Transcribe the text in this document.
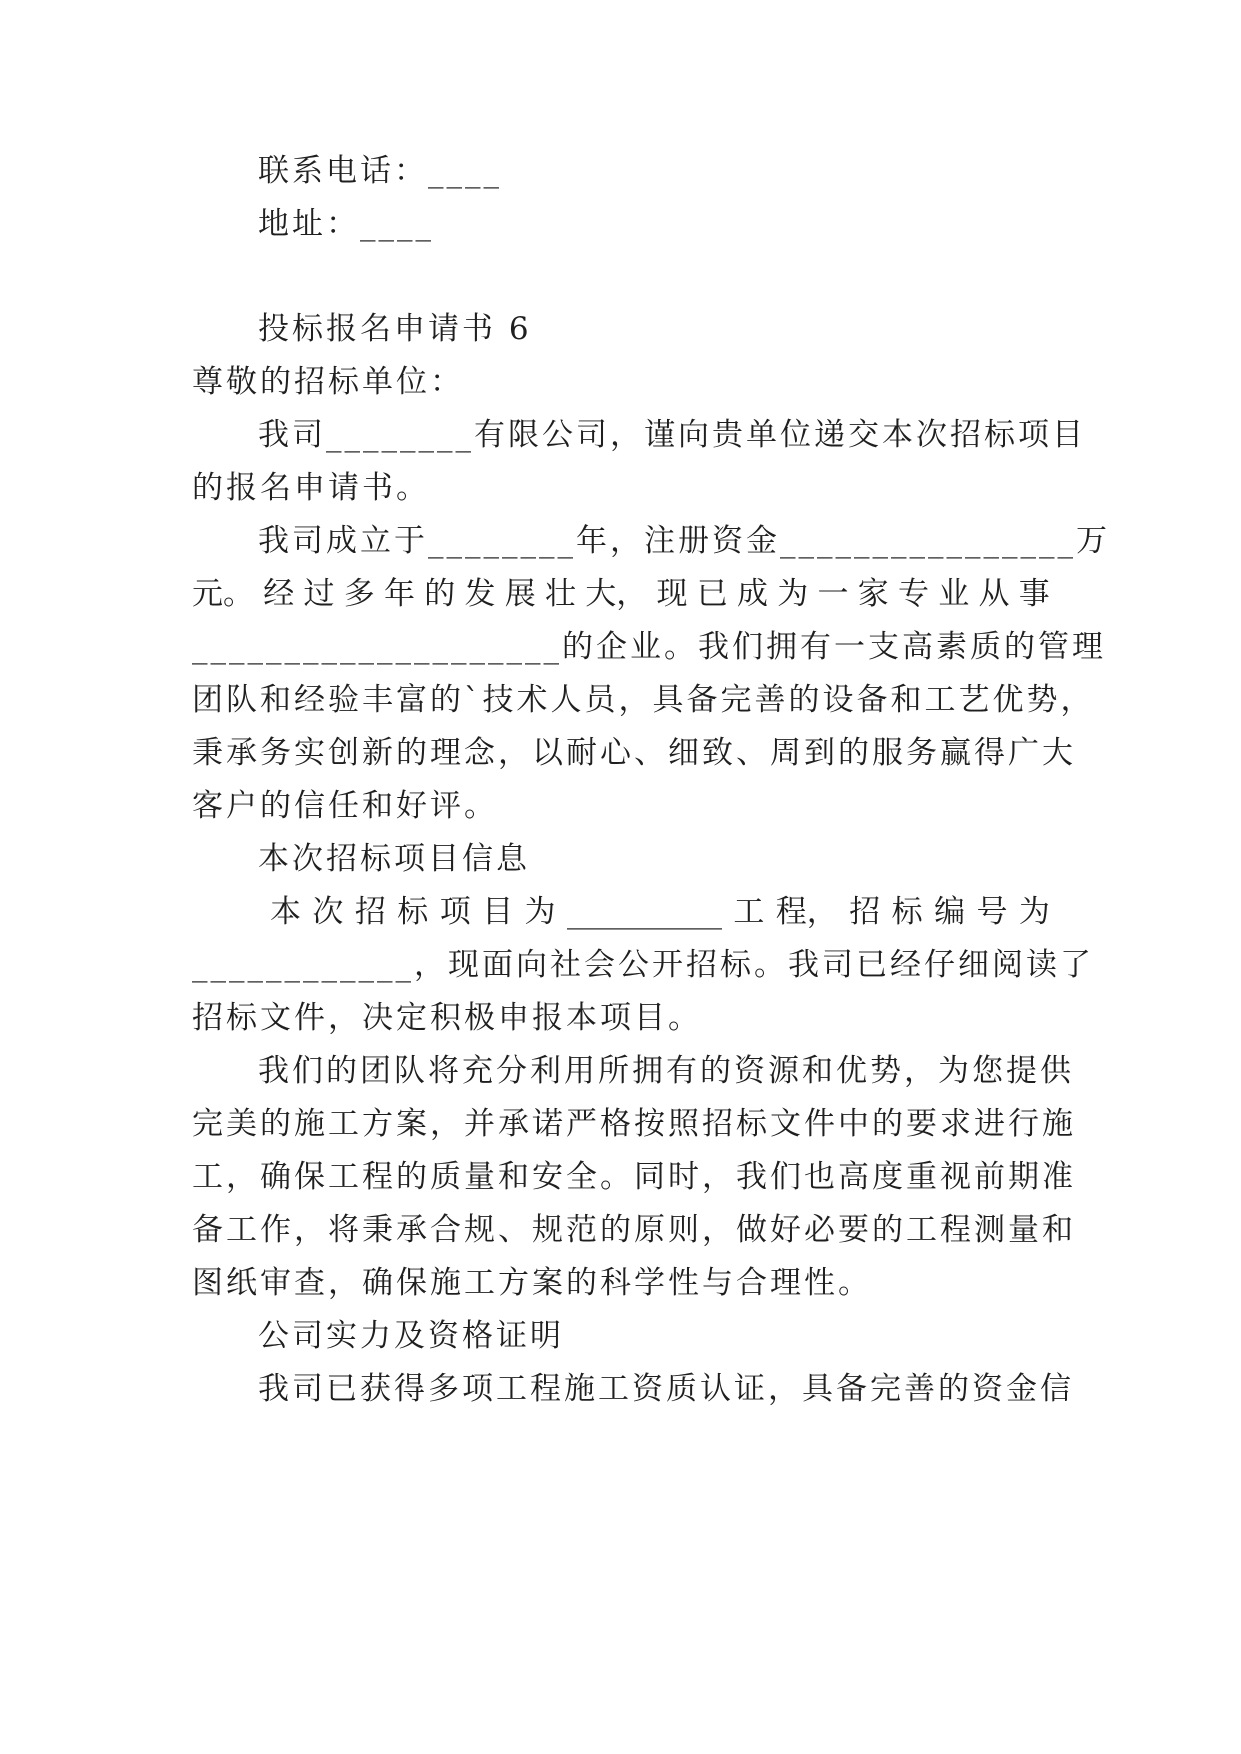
联系电话：____
地址：____
投标报名申请书 6
尊敬的招标单位：
我司________有限公司，谨向贵单位递交本次招标项目
的报名申请书。
我司成立于________年，注册资金________________万
元。 经 过 多 年 的 发 展 壮 大， 现 已 成 为 一 家 专 业 从 事
____________________的企业。我们拥有一支高素质的管理
团队和经验丰富的`技术人员，具备完善的设备和工艺优势，
秉承务实创新的理念，以耐心、细致、周到的服务赢得广大
客户的信任和好评。
本次招标项目信息
本 次 招 标 项 目 为 __________ 工 程， 招 标 编 号 为
____________，现面向社会公开招标。我司已经仔细阅读了
招标文件，决定积极申报本项目。
我们的团队将充分利用所拥有的资源和优势，为您提供
完美的施工方案，并承诺严格按照招标文件中的要求进行施
工，确保工程的质量和安全。同时，我们也高度重视前期准
备工作，将秉承合规、规范的原则，做好必要的工程测量和
图纸审查，确保施工方案的科学性与合理性。
公司实力及资格证明
我司已获得多项工程施工资质认证，具备完善的资金信
